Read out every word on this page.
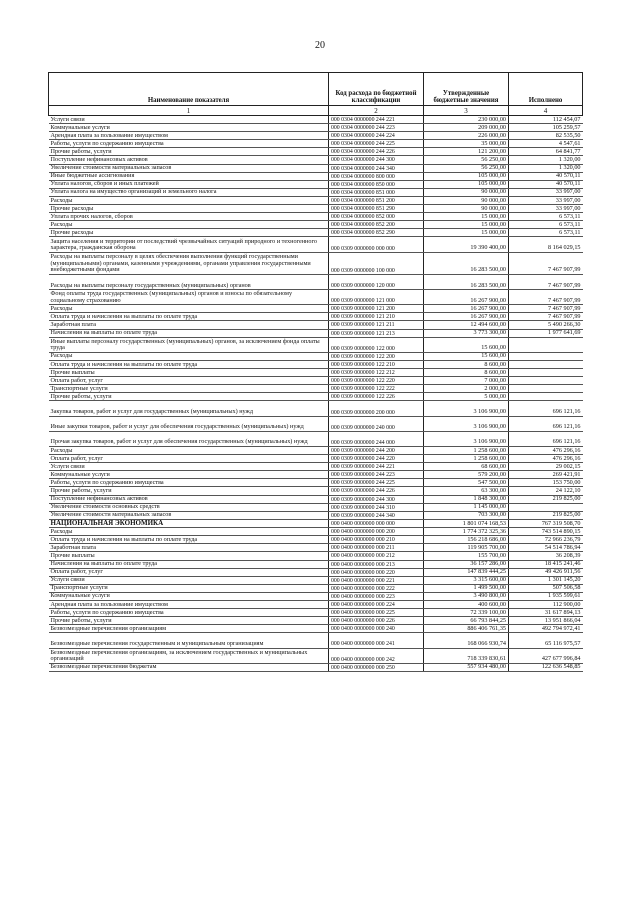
20
Наименование показателя	Код расхода по бюджетной классификации	Утвержденные бюджетные значения	Исполнено
1	2	3	4
Услуги связи	000 0304 0000000 244 221	230 000,00	112 454,07
Коммунальные услуги	000 0304 0000000 244 223	209 000,00	105 259,57
Арендная плата за пользование имуществом	000 0304 0000000 244 224	226 000,00	82 535,50
Работы, услуги по содержанию имущества	000 0304 0000000 244 225	35 000,00	4 547,61
Прочие работы, услуги	000 0304 0000000 244 226	121 200,00	64 841,77
Поступление нефинансовых активов	000 0304 0000000 244 300	56 250,00	1 320,00
Увеличение стоимости материальных запасов	000 0304 0000000 244 340	56 250,00	1 320,00
Иные бюджетные ассигнования	000 0304 0000000 800 000	105 000,00	40 570,11
Уплата налогов, сборов и иных платежей	000 0304 0000000 850 000	105 000,00	40 570,11
Уплата налога на имущество организаций и земельного налога	000 0304 0000000 851 000	90 000,00	33 997,00
Расходы	000 0304 0000000 851 200	90 000,00	33 997,00
Прочие расходы	000 0304 0000000 851 290	90 000,00	33 997,00
Уплата прочих налогов, сборов	000 0304 0000000 852 000	15 000,00	6 573,11
Расходы	000 0304 0000000 852 200	15 000,00	6 573,11
Прочие расходы	000 0304 0000000 852 290	15 000,00	6 573,11
Защита населения и территории от последствий чрезвычайных ситуаций природного и техногенного характера, гражданская оборона	000 0309 0000000 000 000	19 390 400,00	8 164 029,15
Расходы на выплаты персоналу в целях обеспечения выполнения функций государственными (муниципальными) органами, казенными учреждениями, органами управления государственными внебюджетными фондами	000 0309 0000000 100 000	16 283 500,00	7 467 907,99
Расходы на выплаты персоналу государственных (муниципальных) органов	000 0309 0000000 120 000	16 283 500,00	7 467 907,99
Фонд оплаты труда государственных (муниципальных) органов и взносы по обязательному социальному страхованию	000 0309 0000000 121 000	16 267 900,00	7 467 907,99
Расходы	000 0309 0000000 121 200	16 267 900,00	7 467 907,99
Оплата труда и начисления на выплаты по оплате труда	000 0309 0000000 121 210	16 267 900,00	7 467 907,99
Заработная плата	000 0309 0000000 121 211	12 494 600,00	5 490 266,30
Начисления на выплаты по оплате труда	000 0309 0000000 121 213	3 773 300,00	1 977 641,69
Иные выплаты персоналу государственных (муниципальных) органов, за исключением фонда оплаты труда	000 0309 0000000 122 000	15 600,00	
Расходы	000 0309 0000000 122 200	15 600,00	
Оплата труда и начисления на выплаты по оплате труда	000 0309 0000000 122 210	8 600,00	
Прочие выплаты	000 0309 0000000 122 212	8 600,00	
Оплата работ, услуг	000 0309 0000000 122 220	7 000,00	
Транспортные услуги	000 0309 0000000 122 222	2 000,00	
Прочие работы, услуги	000 0309 0000000 122 226	5 000,00	
Закупка товаров, работ и услуг для государственных (муниципальных) нужд	000 0309 0000000 200 000	3 106 900,00	696 121,16
Иные закупки товаров, работ и услуг для обеспечения государственных (муниципальных) нужд	000 0309 0000000 240 000	3 106 900,00	696 121,16
Прочая закупка товаров, работ и услуг для обеспечения государственных (муниципальных) нужд	000 0309 0000000 244 000	3 106 900,00	696 121,16
Расходы	000 0309 0000000 244 200	1 258 600,00	476 296,16
Оплата работ, услуг	000 0309 0000000 244 220	1 258 600,00	476 296,16
Услуги связи	000 0309 0000000 244 221	68 600,00	29 002,15
Коммунальные услуги	000 0309 0000000 244 223	579 200,00	269 421,91
Работы, услуги по содержанию имущества	000 0309 0000000 244 225	547 500,00	153 750,00
Прочие работы, услуги	000 0309 0000000 244 226	63 300,00	24 122,10
Поступление нефинансовых активов	000 0309 0000000 244 300	1 848 300,00	219 825,00
Увеличение стоимости основных средств	000 0309 0000000 244 310	1 145 000,00	
Увеличение стоимости материальных запасов	000 0309 0000000 244 340	703 300,00	219 825,00
НАЦИОНАЛЬНАЯ ЭКОНОМИКА	000 0400 0000000 000 000	1 801 074 168,53	767 319 508,70
Расходы	000 0400 0000000 000 200	1 774 372 325,36	743 514 890,15
Оплата труда и начисления на выплаты по оплате труда	000 0400 0000000 000 210	156 218 686,00	72 966 236,79
Заработная плата	000 0400 0000000 000 211	119 905 700,00	54 514 786,94
Прочие выплаты	000 0400 0000000 000 212	155 700,00	36 208,39
Начисления на выплаты по оплате труда	000 0400 0000000 000 213	36 157 286,00	18 415 241,46
Оплата работ, услуг	000 0400 0000000 000 220	147 839 444,25	49 426 911,56
Услуги связи	000 0400 0000000 000 221	3 315 600,00	1 301 145,20
Транспортные услуги	000 0400 0000000 000 222	1 499 500,00	507 506,58
Коммунальные услуги	000 0400 0000000 000 223	3 490 800,00	1 935 599,61
Арендная плата за пользование имуществом	000 0400 0000000 000 224	400 600,00	112 900,00
Работы, услуги по содержанию имущества	000 0400 0000000 000 225	72 339 100,00	31 617 894,13
Прочие работы, услуги	000 0400 0000000 000 226	66 793 844,25	13 951 866,04
Безвозмездные перечисления организациям	000 0400 0000000 000 240	886 406 761,35	492 794 972,41
Безвозмездные перечисления государственным и муниципальным организациям	000 0400 0000000 000 241	168 066 930,74	65 116 975,57
Безвозмездные перечисления организациям, за исключением государственных и муниципальных организаций	000 0400 0000000 000 242	718 339 830,61	427 677 996,84
Безвозмездные перечисления бюджетам	000 0400 0000000 000 250	557 934 480,00	122 636 548,85
